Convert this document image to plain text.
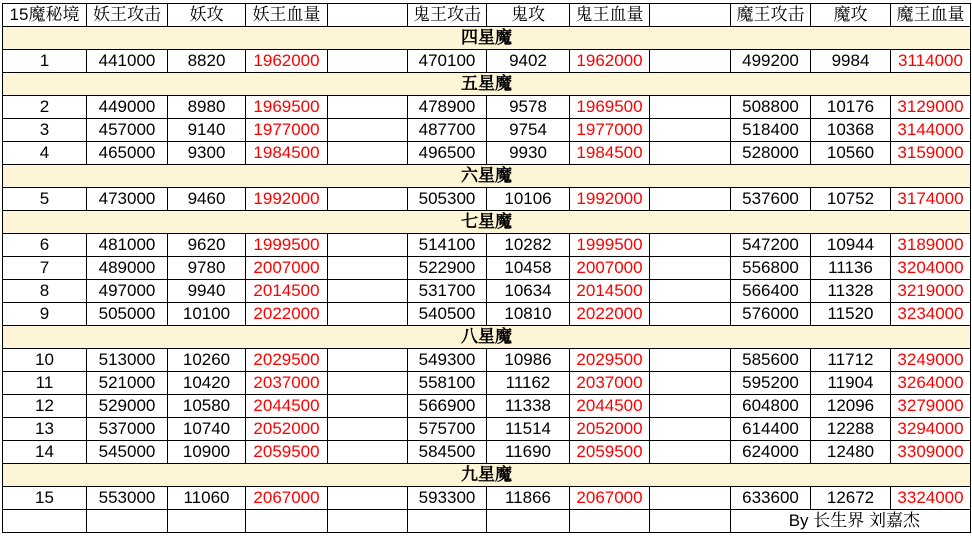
15魔秘境	妖王攻击	妖攻	妖王血量		鬼王攻击	鬼攻	鬼王血量		魔王攻击	魔攻	魔王血量
四星魔											
1	441000	8820	1962000		470100	9402	1962000		499200	9984	3114000
五星魔											
2	449000	8980	1969500		478900	9578	1969500		508800	10176	3129000
3	457000	9140	1977000		487700	9754	1977000		518400	10368	3144000
4	465000	9300	1984500		496500	9930	1984500		528000	10560	3159000
六星魔											
5	473000	9460	1992000		505300	10106	1992000		537600	10752	3174000
七星魔											
6	481000	9620	1999500		514100	10282	1999500		547200	10944	3189000
7	489000	9780	2007000		522900	10458	2007000		556800	11136	3204000
8	497000	9940	2014500		531700	10634	2014500		566400	11328	3219000
9	505000	10100	2022000		540500	10810	2022000		576000	11520	3234000
八星魔											
10	513000	10260	2029500		549300	10986	2029500		585600	11712	3249000
11	521000	10420	2037000		558100	11162	2037000		595200	11904	3264000
12	529000	10580	2044500		566900	11338	2044500		604800	12096	3279000
13	537000	10740	2052000		575700	11514	2052000		614400	12288	3294000
14	545000	10900	2059500		584500	11690	2059500		624000	12480	3309000
九星魔											
15	553000	11060	2067000		593300	11866	2067000		633600	12672	3324000
									By 长生界 刘嘉杰		
